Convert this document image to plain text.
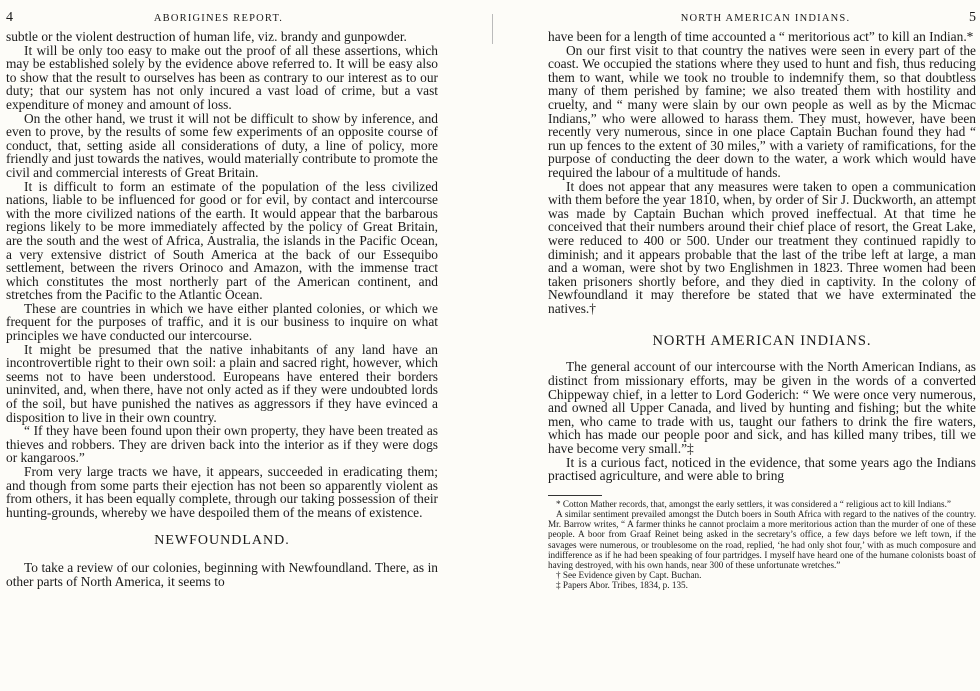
4	ABORIGINES REPORT.

subtle or the violent destruction of human life, viz. brandy and gunpowder.

It will be only too easy to make out the proof of all these assertions, which may be established solely by the evidence above referred to. It will be easy also to show that the result to ourselves has been as contrary to our interest as to our duty; that our system has not only incured a vast load of crime, but a vast expenditure of money and amount of loss.

On the other hand, we trust it will not be difficult to show by inference, and even to prove, by the results of some few experiments of an opposite course of conduct, that, setting aside all considerations of duty, a line of policy, more friendly and just towards the natives, would materially contribute to promote the civil and commercial interests of Great Britain.

It is difficult to form an estimate of the population of the less civilized nations, liable to be influenced for good or for evil, by contact and intercourse with the more civilized nations of the earth. It would appear that the barbarous regions likely to be more immediately affected by the policy of Great Britain, are the south and the west of Africa, Australia, the islands in the Pacific Ocean, a very extensive district of South America at the back of our Essequibo settlement, between the rivers Orinoco and Amazon, with the immense tract which constitutes the most northerly part of the American continent, and stretches from the Pacific to the Atlantic Ocean.

These are countries in which we have either planted colonies, or which we frequent for the purposes of traffic, and it is our business to inquire on what principles we have conducted our intercourse.

It might be presumed that the native inhabitants of any land have an incontrovertible right to their own soil: a plain and sacred right, however, which seems not to have been understood. Europeans have entered their borders uninvited, and, when there, have not only acted as if they were undoubted lords of the soil, but have punished the natives as aggressors if they have evinced a disposition to live in their own country.

“ If they have been found upon their own property, they have been treated as thieves and robbers. They are driven back into the interior as if they were dogs or kangaroos.”

From very large tracts we have, it appears, succeeded in eradicating them; and though from some parts their ejection has not been so apparently violent as from others, it has been equally complete, through our taking possession of their hunting-grounds, whereby we have despoiled them of the means of existence.

NEWFOUNDLAND.

To take a review of our colonies, beginning with Newfoundland. There, as in other parts of North America, it seems to

NORTH AMERICAN INDIANS.	5

have been for a length of time accounted a “ meritorious act” to kill an Indian.*

On our first visit to that country the natives were seen in every part of the coast. We occupied the stations where they used to hunt and fish, thus reducing them to want, while we took no trouble to indemnify them, so that doubtless many of them perished by famine; we also treated them with hostility and cruelty, and “ many were slain by our own people as well as by the Micmac Indians,” who were allowed to harass them. They must, however, have been recently very numerous, since in one place Captain Buchan found they had “ run up fences to the extent of 30 miles,” with a variety of ramifications, for the purpose of conducting the deer down to the water, a work which would have required the labour of a multitude of hands.

It does not appear that any measures were taken to open a communication with them before the year 1810, when, by order of Sir J. Duckworth, an attempt was made by Captain Buchan which proved ineffectual. At that time he conceived that their numbers around their chief place of resort, the Great Lake, were reduced to 400 or 500. Under our treatment they continued rapidly to diminish; and it appears probable that the last of the tribe left at large, a man and a woman, were shot by two Englishmen in 1823. Three women had been taken prisoners shortly before, and they died in captivity. In the colony of Newfoundland it may therefore be stated that we have exterminated the natives.†

NORTH AMERICAN INDIANS.

The general account of our intercourse with the North American Indians, as distinct from missionary efforts, may be given in the words of a converted Chippeway chief, in a letter to Lord Goderich: “ We were once very numerous, and owned all Upper Canada, and lived by hunting and fishing; but the white men, who came to trade with us, taught our fathers to drink the fire waters, which has made our people poor and sick, and has killed many tribes, till we have become very small.”‡

It is a curious fact, noticed in the evidence, that some years ago the Indians practised agriculture, and were able to bring

* Cotton Mather records, that, amongst the early settlers, it was considered a “ religious act to kill Indians.”

A similar sentiment prevailed amongst the Dutch boers in South Africa with regard to the natives of the country. Mr. Barrow writes, “ A farmer thinks he cannot proclaim a more meritorious action than the murder of one of these people. A boor from Graaf Reinet being asked in the secretary’s office, a few days before we left town, if the savages were numerous, or troublesome on the road, replied, ‘he had only shot four,’ with as much composure and indifference as if he had been speaking of four partridges. I myself have heard one of the humane colonists boast of having destroyed, with his own hands, near 300 of these unfortunate wretches.”

† See Evidence given by Capt. Buchan.

‡ Papers Abor. Tribes, 1834, p. 135.
